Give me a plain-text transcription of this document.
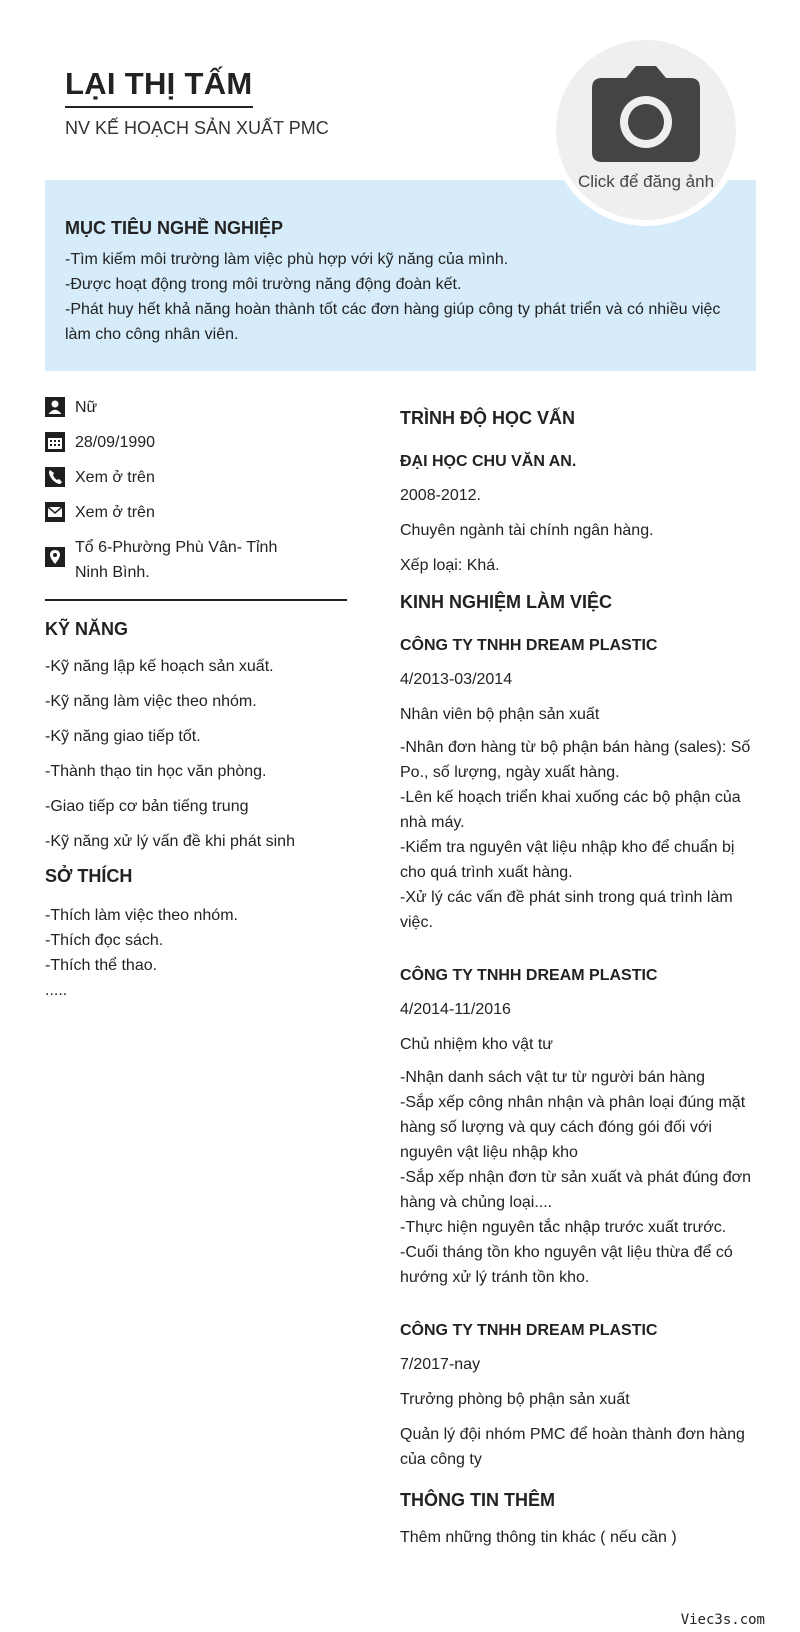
LẠI THỊ TẤM
NV KẾ HOẠCH SẢN XUẤT PMC
Click để đăng ảnh
MỤC TIÊU NGHỀ NGHIỆP

-Tìm kiếm môi trường làm việc phù hợp với kỹ năng của mình.

-Được hoạt động trong môi trường năng động đoàn kết.

-Phát huy hết khả năng hoàn thành tốt các đơn hàng giúp công ty phát triển và có nhiều việc làm cho công nhân viên.

Nữ
28/09/1990
Xem ở trên
Xem ở trên
Tổ 6-Phường Phù Vân- Tỉnh Ninh Bình.
KỸ NĂNG
-Kỹ năng lập kế hoạch sản xuất.
-Kỹ năng làm việc theo nhóm.
-Kỹ năng giao tiếp tốt.
-Thành thạo tin học văn phòng.
-Giao tiếp cơ bản tiếng trung
-Kỹ năng xử lý vấn đề khi phát sinh
SỞ THÍCH
-Thích làm việc theo nhóm.
-Thích đọc sách.
-Thích thể thao.
.....
TRÌNH ĐỘ HỌC VẤN
ĐẠI HỌC CHU VĂN AN.
2008-2012.
Chuyên ngành tài chính ngân hàng.
Xếp loại: Khá.
KINH NGHIỆM LÀM VIỆC
CÔNG TY TNHH DREAM PLASTIC
4/2013-03/2014
Nhân viên bộ phận sản xuất
-Nhân đơn hàng từ bộ phận bán hàng (sales): Số Po., số lượng, ngày xuất hàng.
-Lên kế hoạch triển khai xuống các bộ phận của nhà máy.
-Kiểm tra nguyên vật liệu nhập kho để chuẩn bị cho quá trình xuất hàng.
-Xử lý các vấn đề phát sinh trong quá trình làm việc.
CÔNG TY TNHH DREAM PLASTIC
4/2014-11/2016
Chủ nhiệm kho vật tư
-Nhận danh sách vật tư từ người bán hàng
-Sắp xếp công nhân nhận và phân loại đúng mặt hàng số lượng và quy cách đóng gói đối với nguyên vật liệu nhập kho
-Sắp xếp nhận đơn từ sản xuất và phát đúng đơn hàng và chủng loại....
-Thực hiện nguyên tắc nhập trước xuất trước.
-Cuối tháng tồn kho nguyên vật liệu thừa để có hướng xử lý tránh tồn kho.
CÔNG TY TNHH DREAM PLASTIC
7/2017-nay
Trưởng phòng bộ phận sản xuất
Quản lý đội nhóm PMC để hoàn thành đơn hàng của công ty
THÔNG TIN THÊM
Thêm những thông tin khác ( nếu cần )
Viec3s.com
